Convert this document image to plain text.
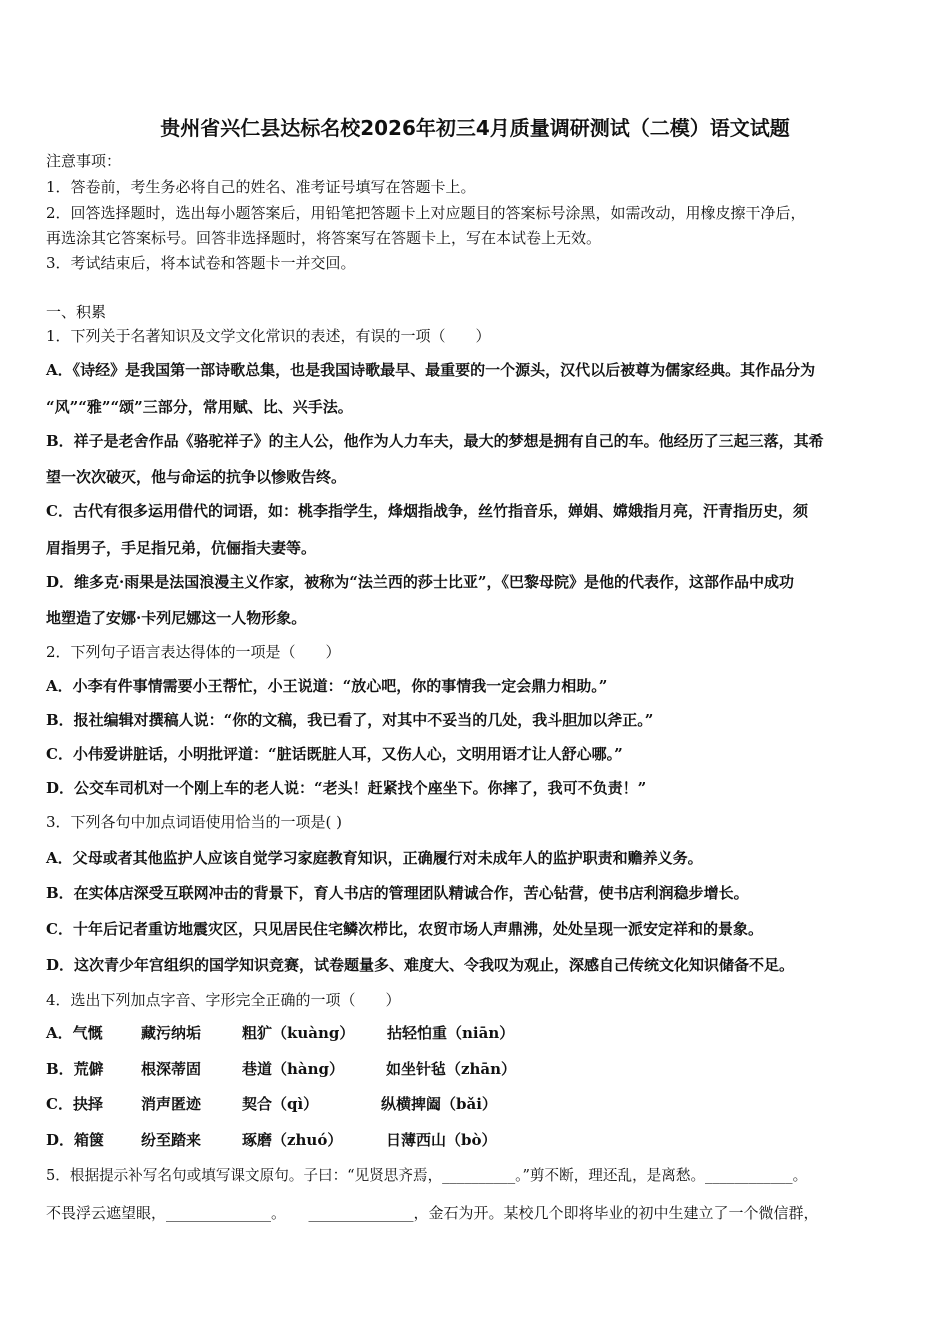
贵州省兴仁县达标名校2026年初三4月质量调研测试（二模）语文试题
注意事项：
1．答卷前，考生务必将自己的姓名、准考证号填写在答题卡上。
2．回答选择题时，选出每小题答案后，用铅笔把答题卡上对应题目的答案标号涂黑，如需改动，用橡皮擦干净后，
再选涂其它答案标号。回答非选择题时，将答案写在答题卡上，写在本试卷上无效。
3．考试结束后，将本试卷和答题卡一并交回。
一、积累
1．下列关于名著知识及文学文化常识的表述，有误的一项（　　）
A．《诗经》是我国第一部诗歌总集，也是我国诗歌最早、最重要的一个源头，汉代以后被尊为儒家经典。其作品分为
“风”“雅”“颂”三部分，常用赋、比、兴手法。
B．祥子是老舍作品《骆驼祥子》的主人公，他作为人力车夫，最大的梦想是拥有自己的车。他经历了三起三落，其希
望一次次破灭，他与命运的抗争以惨败告终。
C．古代有很多运用借代的词语，如：桃李指学生，烽烟指战争，丝竹指音乐，婵娟、嫦娥指月亮，汗青指历史，须
眉指男子，手足指兄弟，伉俪指夫妻等。
D．维多克·雨果是法国浪漫主义作家，被称为“法兰西的莎士比亚”，《巴黎母院》是他的代表作，这部作品中成功
地塑造了安娜·卡列尼娜这一人物形象。
2．下列句子语言表达得体的一项是（　　）
A．小李有件事情需要小王帮忙，小王说道：“放心吧，你的事情我一定会鼎力相助。”
B．报社编辑对撰稿人说：“你的文稿，我已看了，对其中不妥当的几处，我斗胆加以斧正。”
C．小伟爱讲脏话，小明批评道：“脏话既脏人耳，又伤人心，文明用语才让人舒心哪。”
D．公交车司机对一个刚上车的老人说：“老头！赶紧找个座坐下。你摔了，我可不负责！”
3．下列各句中加点词语使用恰当的一项是( )
A．父母或者其他监护人应该自觉学习家庭教育知识，正确履行对未成年人的监护职责和赡养义务。
B．在实体店深受互联网冲击的背景下，育人书店的管理团队精诚合作，苦心钻营，使书店利润稳步增长。
C．十年后记者重访地震灾区，只见居民住宅鳞次栉比，农贸市场人声鼎沸，处处呈现一派安定祥和的景象。
D．这次青少年宫组织的国学知识竞赛，试卷题量多、难度大、令我叹为观止，深感自己传统文化知识储备不足。
4．选出下列加点字音、字形完全正确的一项（　　）
A．气慨	藏污纳垢	粗犷（kuàng） 拈轻怕重（niān）
B．荒僻 根深蒂固	巷道（hàng）	如坐针毡（zhān）
C．抉择	消声匿迹	契合（qì）	纵横捭阖（bǎi）
D．箱箧 纷至踏来	琢磨（zhuó）	日薄西山（bò）
5．根据提示补写名句或填写课文原句。子曰：“见贤思齐焉，__________。”剪不断，理还乱，是离愁。____________。
不畏浮云遮望眼，______________。　　______________，金石为开。某校几个即将毕业的初中生建立了一个微信群，
